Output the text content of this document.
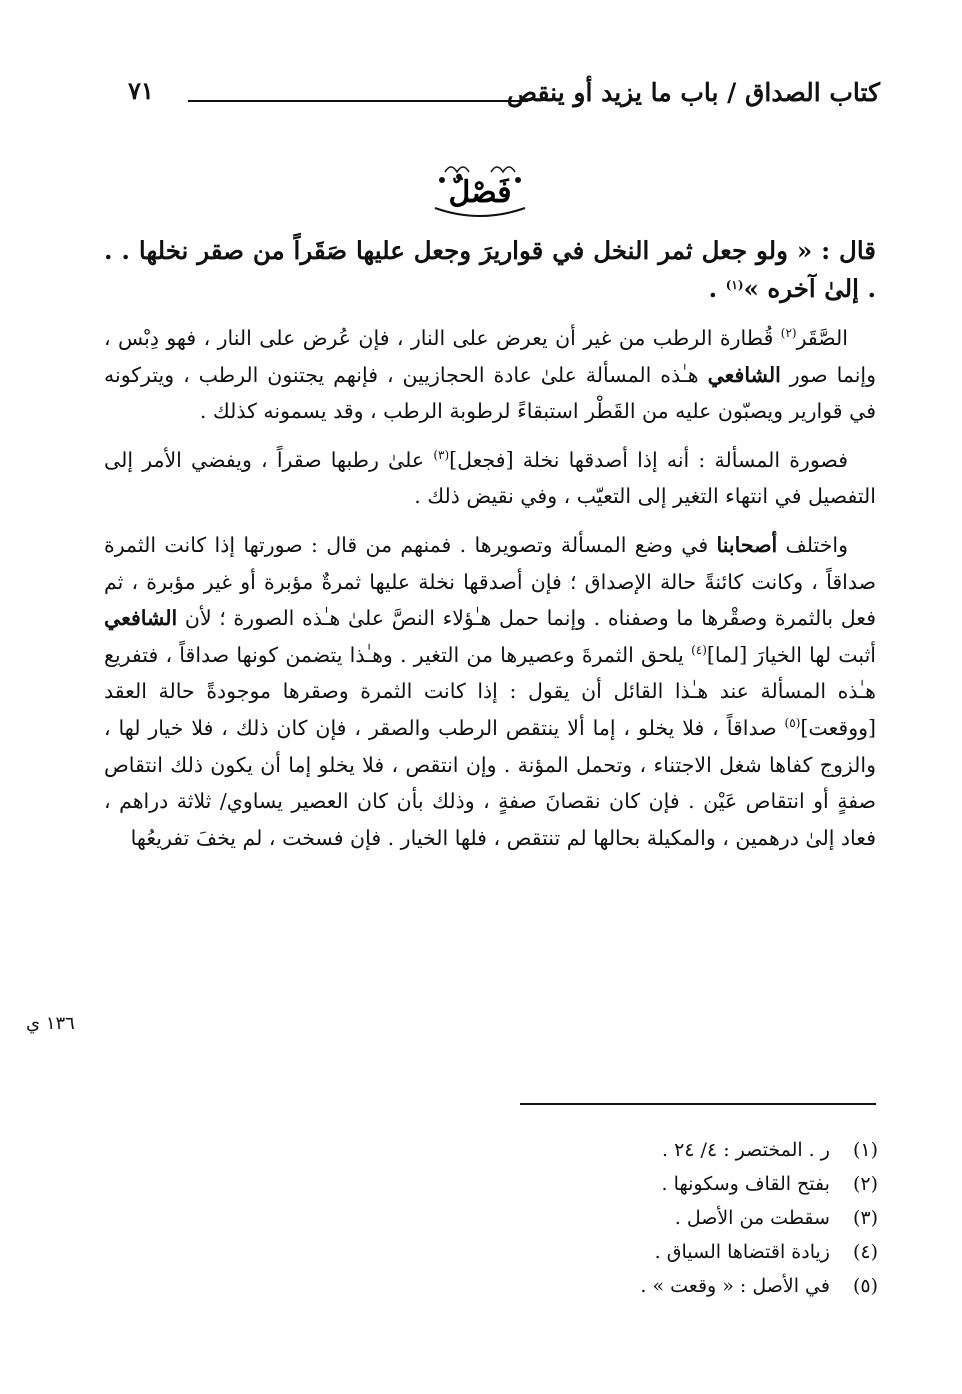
كتاب الصداق / باب ما يزيد أو ينقص
٧١
فَصْلٌ

قال : « ولو جعل ثمر النخل في قواريرَ وجعل عليها صَقَراً من صقر نخلها . . . إلىٰ آخره »$^{(١)}$ .

الصَّقَر$^{(٢)}$ قُطارة الرطب من غير أن يعرض على النار ، فإن عُرض على النار ، فهو دِبْس ، وإنما صور الشافعي هـٰذه المسألة علىٰ عادة الحجازيين ، فإنهم يجتنون الرطب ، ويتركونه في قوارير ويصبّون عليه من القَطْر استبقاءً لرطوبة الرطب ، وقد يسمونه كذلك .

فصورة المسألة : أنه إذا أصدقها نخلة [فجعل]$^{(٣)}$ علىٰ رطبها صقراً ، ويفضي الأمر إلى التفصيل في انتهاء التغير إلى التعيّب ، وفي نقيض ذلك .

واختلف أصحابنا في وضع المسألة وتصويرها . فمنهم من قال : صورتها إذا كانت الثمرة صداقاً ، وكانت كائنةً حالة الإصداق ؛ فإن أصدقها نخلة عليها ثمرةٌ مؤبرة أو غير مؤبرة ، ثم فعل بالثمرة وصقْرها ما وصفناه . وإنما حمل هـٰؤلاء النصَّ علىٰ هـٰذه الصورة ؛ لأن الشافعي أثبت لها الخيارَ [لما]$^{(٤)}$ يلحق الثمرةَ وعصيرها من التغير . وهـٰذا يتضمن كونها صداقاً ، فتفريع هـٰذه المسألة عند هـٰذا القائل أن يقول : إذا كانت الثمرة وصقرها موجودةً حالة العقد [ووقعت]$^{(٥)}$ صداقاً ، فلا يخلو ، إما ألا ينتقص الرطب والصقر ، فإن كان ذلك ، فلا خيار لها ، والزوج كفاها شغل الاجتناء ، وتحمل المؤنة . وإن انتقص ، فلا يخلو إما أن يكون ذلك انتقاص صفةٍ أو انتقاص عَيْن . فإن كان نقصانَ صفةٍ ، وذلك بأن كان العصير يساوي/ ثلاثة دراهم ، فعاد إلىٰ درهمين ، والمكيلة بحالها لم تنتقص ، فلها الخيار . فإن فسخت ، لم يخفَ تفريعُها

١٣٦ ي
(١) ر . المختصر : ٤/ ٢٤ .
(٢) بفتح القاف وسكونها .
(٣) سقطت من الأصل .
(٤) زيادة اقتضاها السياق .
(٥) في الأصل : « وقعت » .
